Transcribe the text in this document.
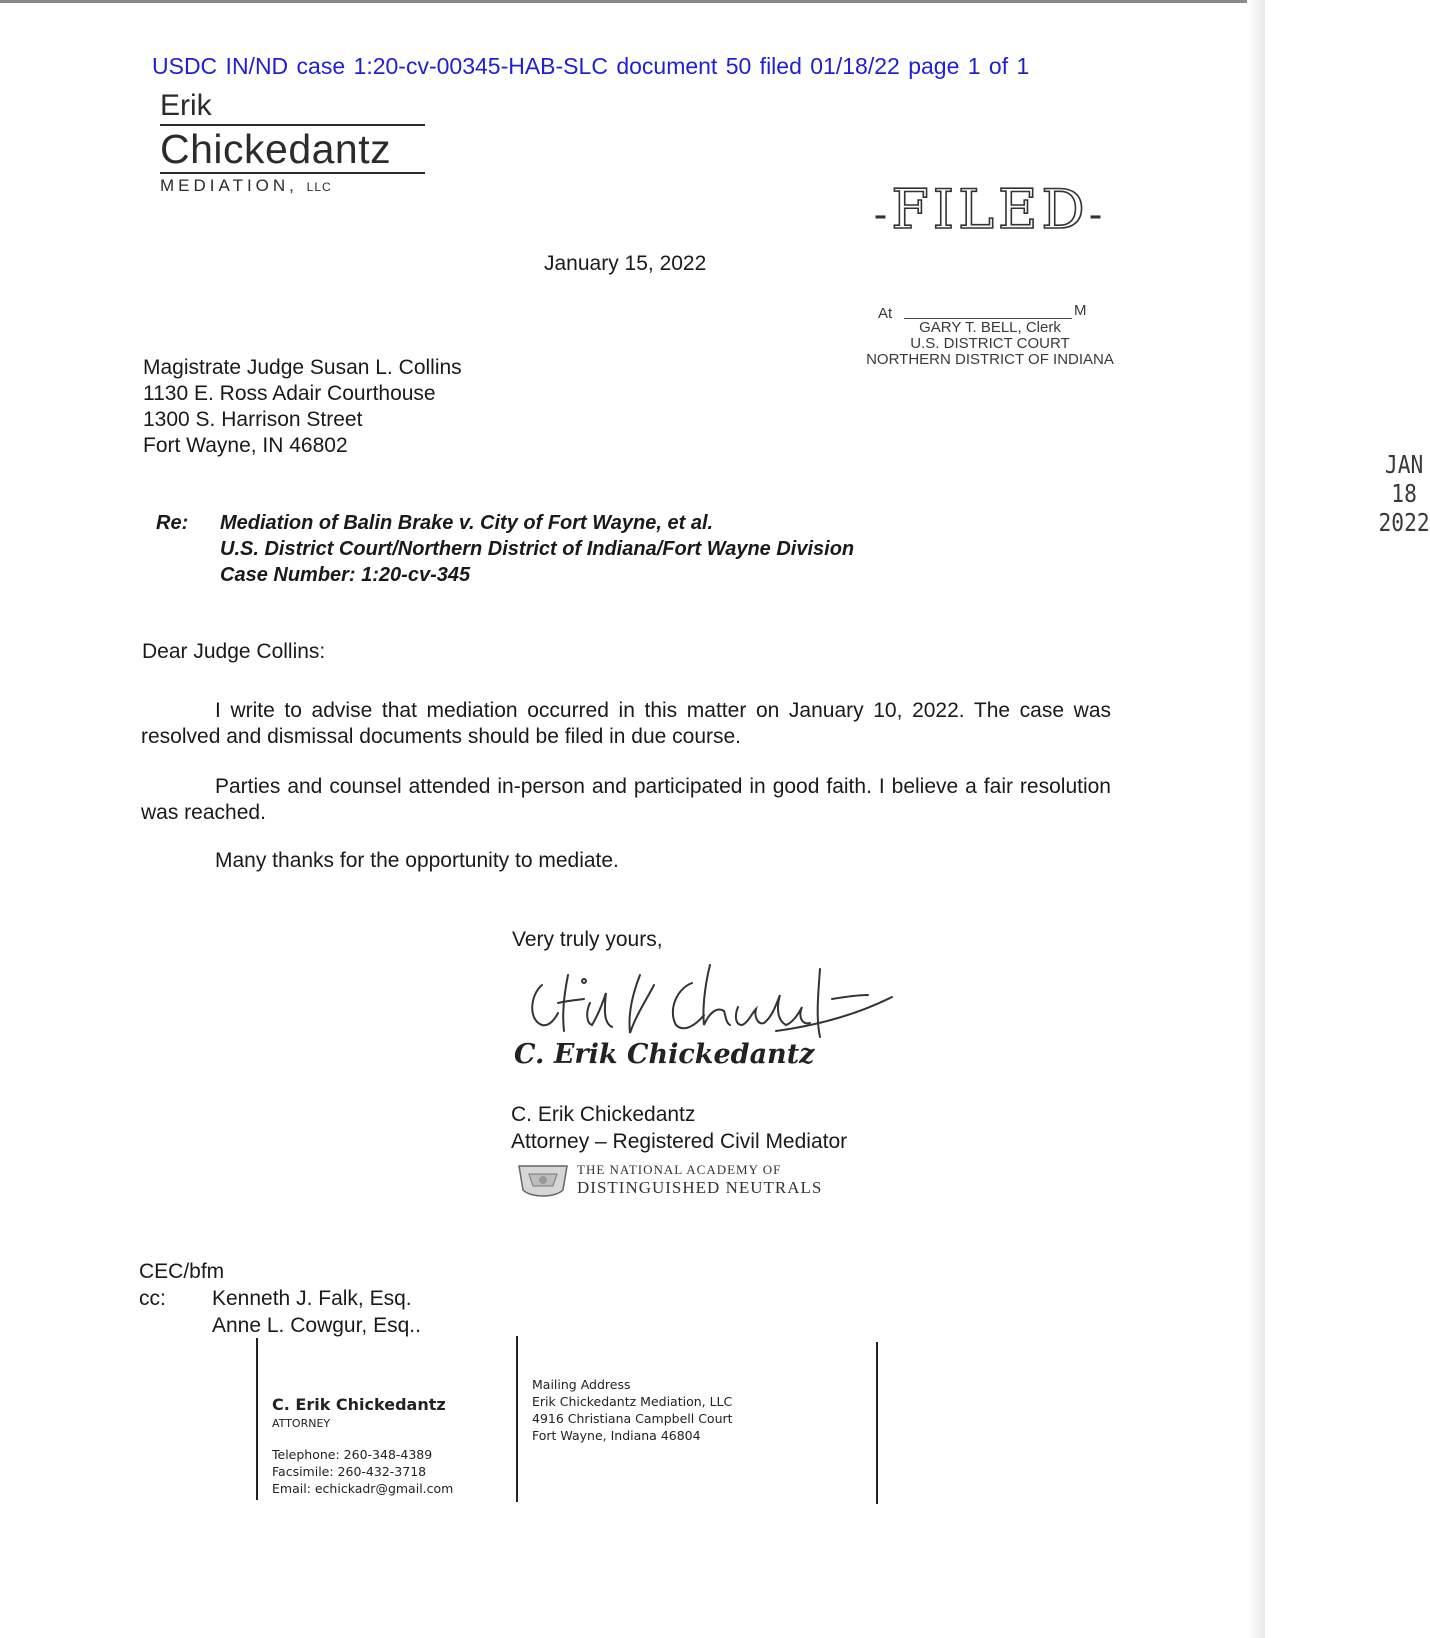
USDC IN/ND case 1:20-cv-00345-HAB-SLC document 50 filed 01/18/22 page 1 of 1
Erik
Chickedantz
MEDIATION, LLC
-FILED-
JAN 18 2022
At	M
GARY T. BELL, Clerk
U.S. DISTRICT COURT
NORTHERN DISTRICT OF INDIANA
January 15, 2022
Magistrate Judge Susan L. Collins
1130 E. Ross Adair Courthouse
1300 S. Harrison Street
Fort Wayne, IN 46802
Re: Mediation of Balin Brake v. City of Fort Wayne, et al.
U.S. District Court/Northern District of Indiana/Fort Wayne Division
Case Number: 1:20-cv-345
Dear Judge Collins:
I write to advise that mediation occurred in this matter on January 10, 2022. The case was resolved and dismissal documents should be filed in due course.
Parties and counsel attended in-person and participated in good faith. I believe a fair resolution was reached.
Many thanks for the opportunity to mediate.
Very truly yours,
C. Erik Chickedantz
C. Erik Chickedantz
Attorney – Registered Civil Mediator
THE NATIONAL ACADEMY OF
DISTINGUISHED NEUTRALS
CEC/bfm
cc: Kenneth J. Falk, Esq.
Anne L. Cowgur, Esq..
C. Erik Chickedantz
ATTORNEY
Telephone: 260-348-4389
Facsimile: 260-432-3718
Email: echickadr@gmail.com
Mailing Address
Erik Chickedantz Mediation, LLC
4916 Christiana Campbell Court
Fort Wayne, Indiana 46804
